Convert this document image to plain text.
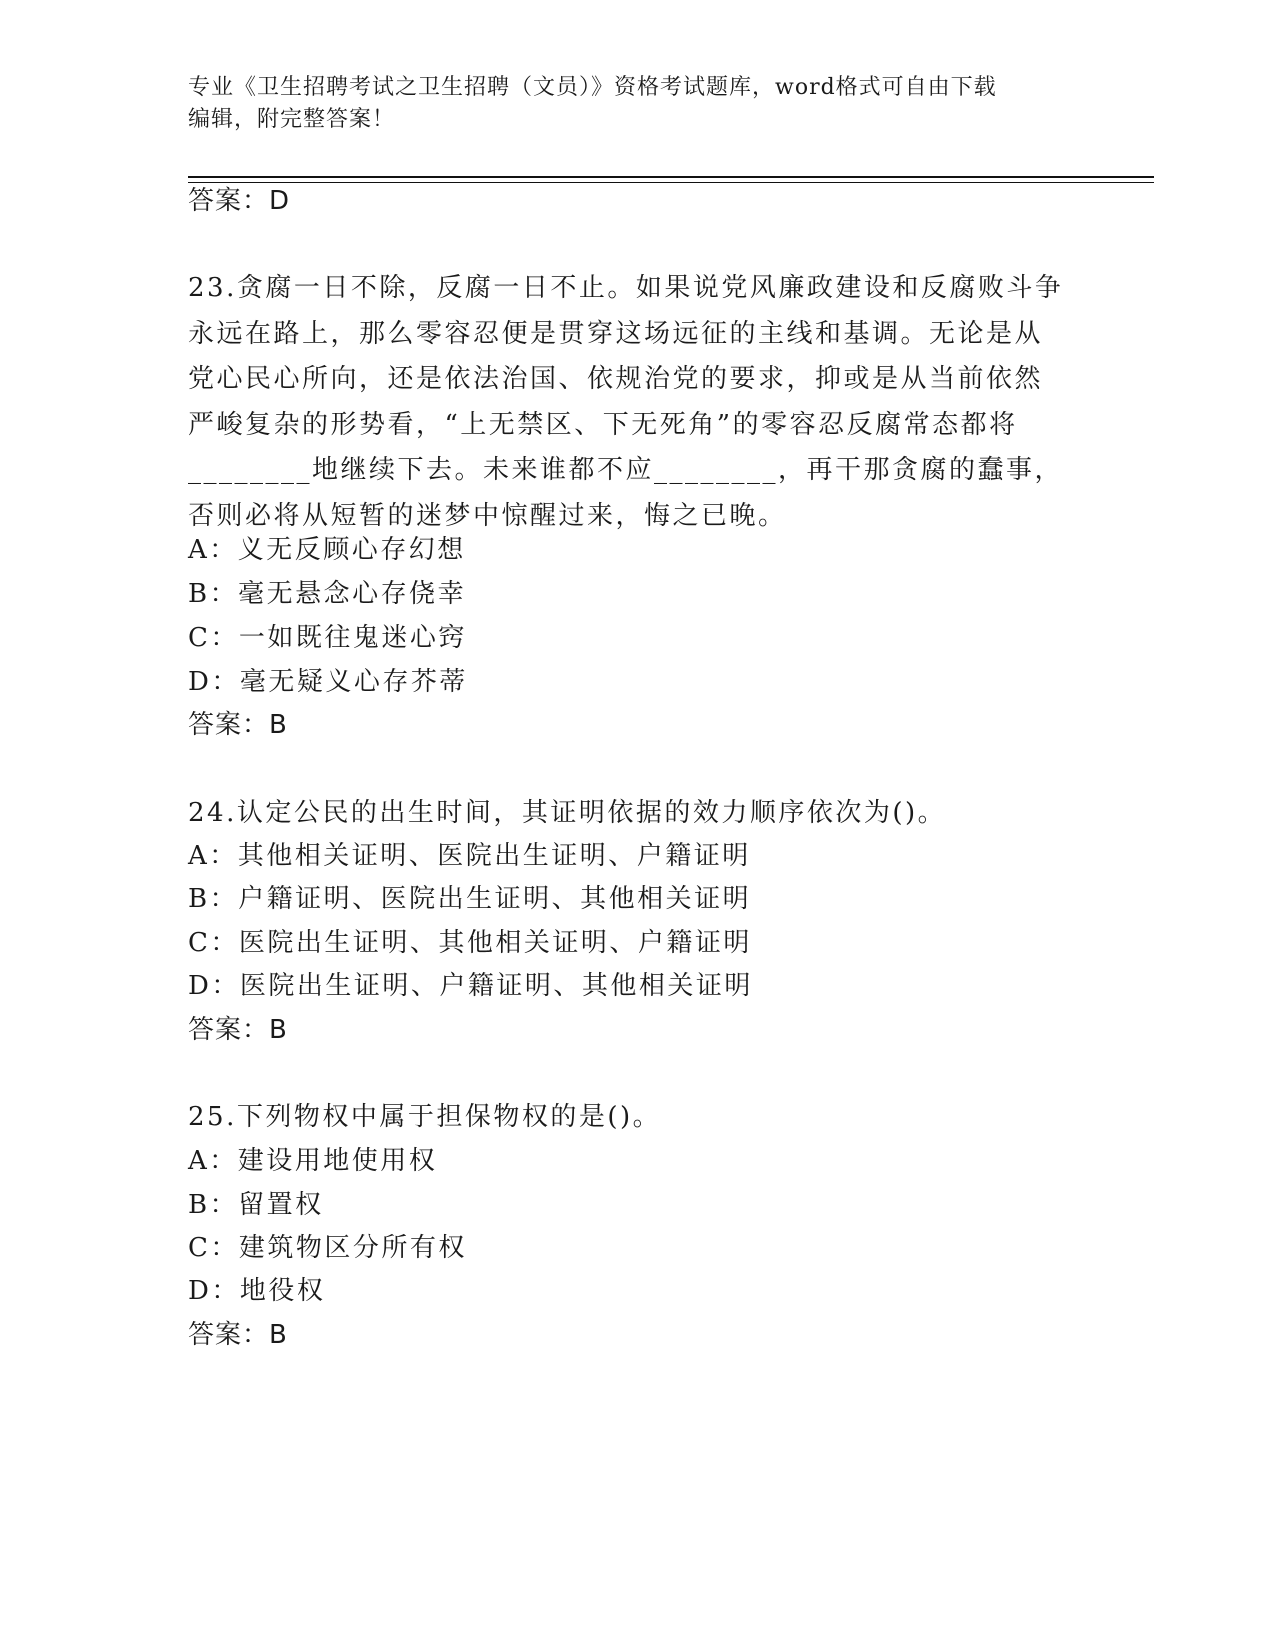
专业《卫生招聘考试之卫生招聘（文员）》资格考试题库，word格式可自由下载
编辑，附完整答案！
答案：D
23.贪腐一日不除，反腐一日不止。如果说党风廉政建设和反腐败斗争
永远在路上，那么零容忍便是贯穿这场远征的主线和基调。无论是从
党心民心所向，还是依法治国、依规治党的要求，抑或是从当前依然
严峻复杂的形势看，“上无禁区、下无死角”的零容忍反腐常态都将
________地继续下去。未来谁都不应________，再干那贪腐的蠢事，
否则必将从短暂的迷梦中惊醒过来，悔之已晚。
A：义无反顾心存幻想
B：毫无悬念心存侥幸
C：一如既往鬼迷心窍
D：毫无疑义心存芥蒂
答案：B
24.认定公民的出生时间，其证明依据的效力顺序依次为()。
A：其他相关证明、医院出生证明、户籍证明
B：户籍证明、医院出生证明、其他相关证明
C：医院出生证明、其他相关证明、户籍证明
D：医院出生证明、户籍证明、其他相关证明
答案：B
25.下列物权中属于担保物权的是()。
A：建设用地使用权
B：留置权
C：建筑物区分所有权
D：地役权
答案：B
